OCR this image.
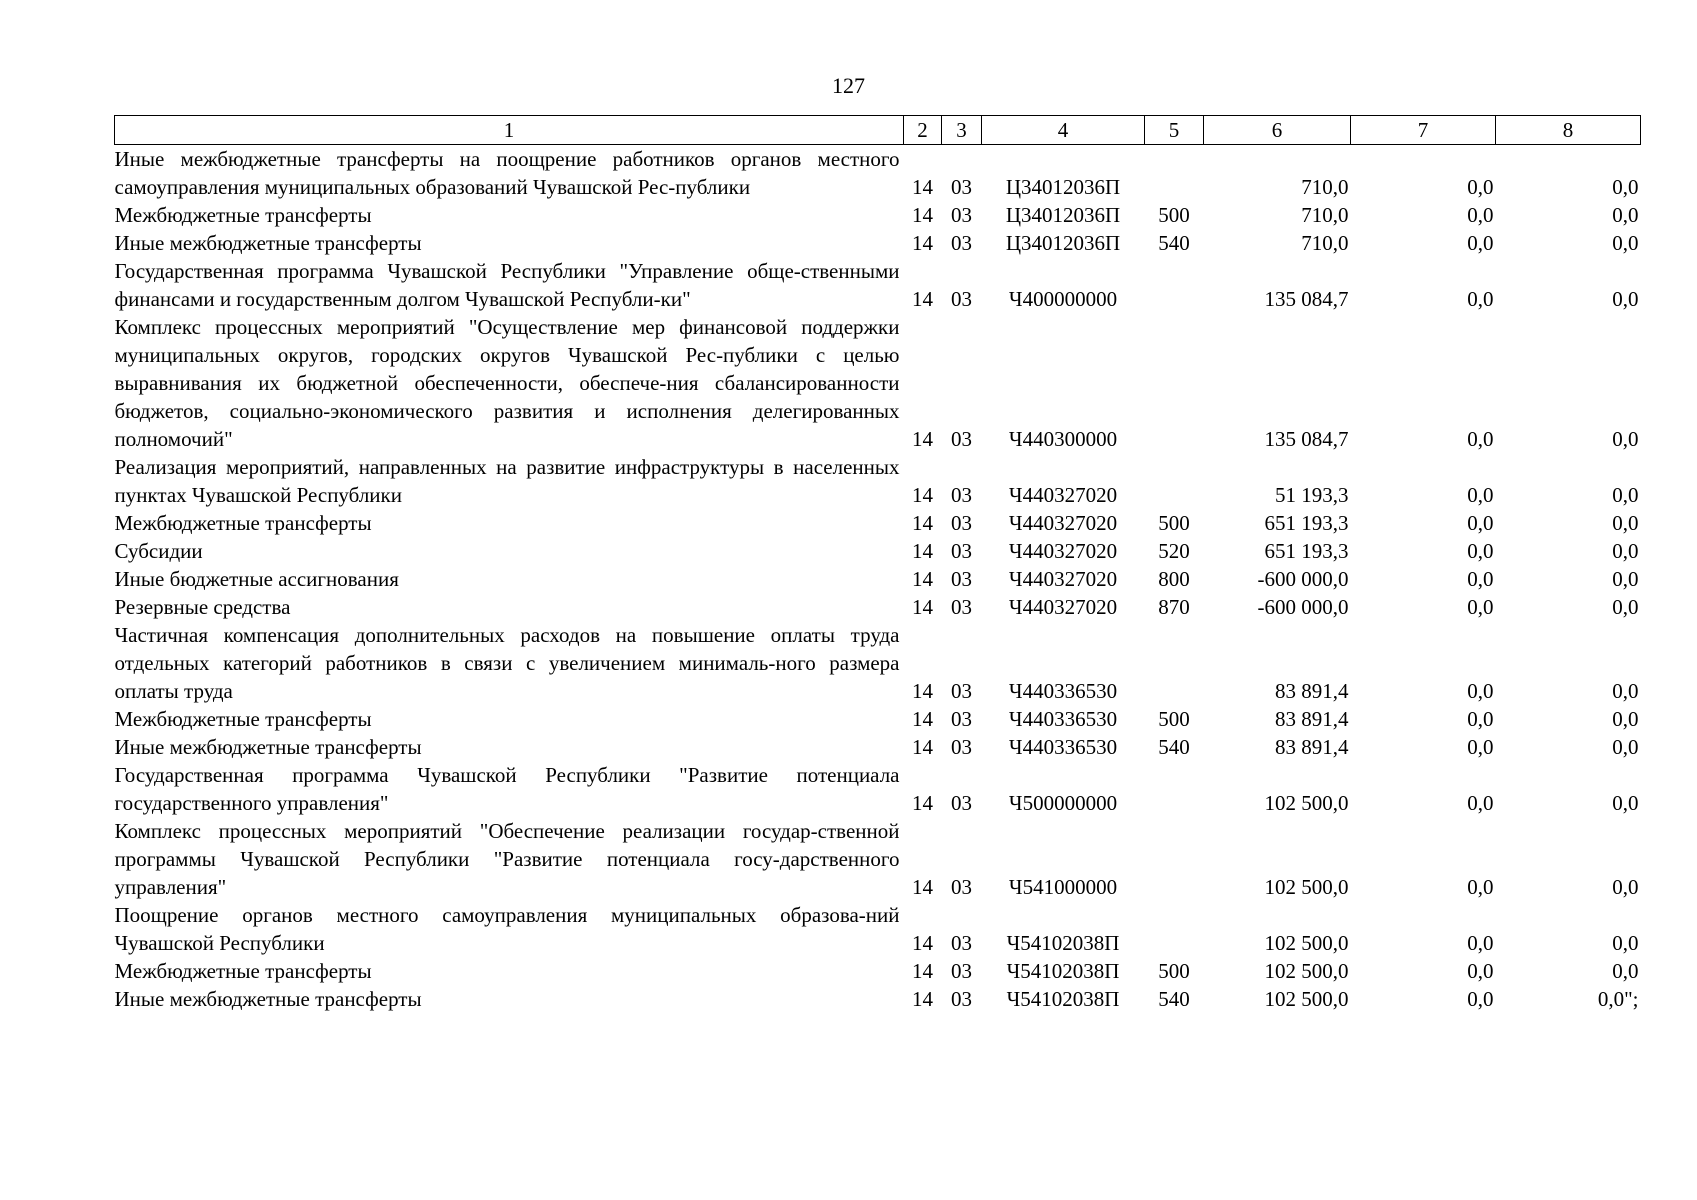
127
1	2	3	4	5	6	7	8
Иные межбюджетные трансферты на поощрение работников органов местного самоуправления муниципальных образований Чувашской Рес-публики	14	03	Ц34012036П		710,0	0,0	0,0
Межбюджетные трансферты	14	03	Ц34012036П	500	710,0	0,0	0,0
Иные межбюджетные трансферты	14	03	Ц34012036П	540	710,0	0,0	0,0
Государственная программа Чувашской Республики "Управление обще-ственными финансами и государственным долгом Чувашской Республи-ки"	14	03	Ч400000000		135 084,7	0,0	0,0
Комплекс процессных мероприятий "Осуществление мер финансовой поддержки муниципальных округов, городских округов Чувашской Рес-публики с целью выравнивания их бюджетной обеспеченности, обеспече-ния сбалансированности бюджетов, социально-экономического развития и исполнения делегированных полномочий"	14	03	Ч440300000		135 084,7	0,0	0,0
Реализация мероприятий, направленных на развитие инфраструктуры в населенных пунктах Чувашской Республики	14	03	Ч440327020		51 193,3	0,0	0,0
Межбюджетные трансферты	14	03	Ч440327020	500	651 193,3	0,0	0,0
Субсидии	14	03	Ч440327020	520	651 193,3	0,0	0,0
Иные бюджетные ассигнования	14	03	Ч440327020	800	-600 000,0	0,0	0,0
Резервные средства	14	03	Ч440327020	870	-600 000,0	0,0	0,0
Частичная компенсация дополнительных расходов на повышение оплаты труда отдельных категорий работников в связи с увеличением минималь-ного размера оплаты труда	14	03	Ч440336530		83 891,4	0,0	0,0
Межбюджетные трансферты	14	03	Ч440336530	500	83 891,4	0,0	0,0
Иные межбюджетные трансферты	14	03	Ч440336530	540	83 891,4	0,0	0,0
Государственная программа Чувашской Республики "Развитие потенциала государственного управления"	14	03	Ч500000000		102 500,0	0,0	0,0
Комплекс процессных мероприятий "Обеспечение реализации государ-ственной программы Чувашской Республики "Развитие потенциала госу-дарственного управления"	14	03	Ч541000000		102 500,0	0,0	0,0
Поощрение органов местного самоуправления муниципальных образова-ний Чувашской Республики	14	03	Ч54102038П		102 500,0	0,0	0,0
Межбюджетные трансферты	14	03	Ч54102038П	500	102 500,0	0,0	0,0
Иные межбюджетные трансферты	14	03	Ч54102038П	540	102 500,0	0,0	0,0";
